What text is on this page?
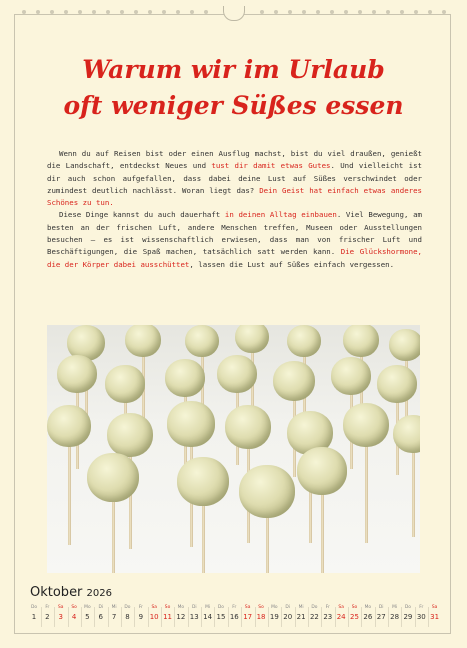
Warum wir im Urlaub
oft weniger Süßes essen

Wenn du auf Reisen bist oder einen Ausflug machst, bist du viel draußen, genießt die Landschaft, entdeckst Neues und tust dir damit etwas Gutes. Und vielleicht ist dir auch schon aufgefallen, dass dabei deine Lust auf Süßes verschwindet oder zumindest deutlich nachlässt. Woran liegt das? Dein Geist hat einfach etwas anderes Schönes zu tun.

Diese Dinge kannst du auch dauerhaft in deinen Alltag einbauen. Viel Bewegung, am besten an der frischen Luft, andere Menschen treffen, Museen oder Ausstellungen besuchen – es ist wissenschaftlich erwiesen, dass man von frischer Luft und Beschäftigungen, die Spaß machen, tatsächlich satt werden kann. Die Glückshormone, die der Körper dabei ausschüttet, lassen die Lust auf Süßes einfach vergessen.

Oktober 2026
Do
1
Fr
2
Sa
3
So
4
Mo
5
Di
6
Mi
7
Do
8
Fr
9
Sa
10
So
11
Mo
12
Di
13
Mi
14
Do
15
Fr
16
Sa
17
So
18
Mo
19
Di
20
Mi
21
Do
22
Fr
23
Sa
24
So
25
Mo
26
Di
27
Mi
28
Do
29
Fr
30
Sa
31
